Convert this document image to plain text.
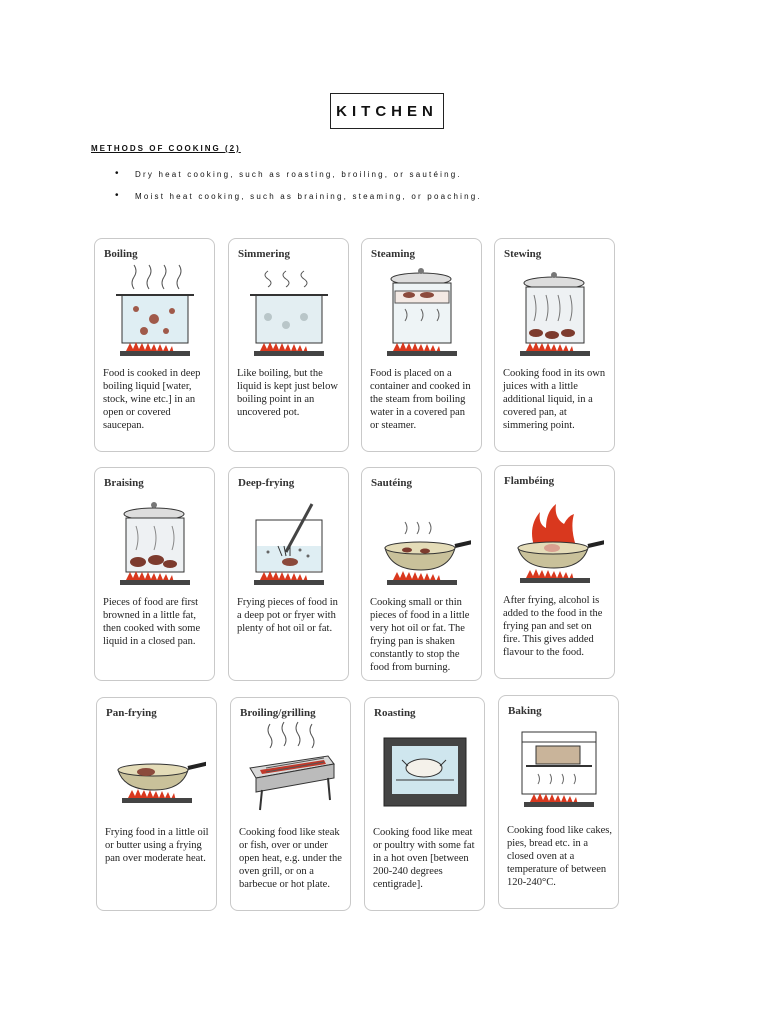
KITCHEN
METHODS OF COOKING (2)
•	Dry heat cooking, such as roasting, broiling, or sautéing.
•	Moist heat cooking, such as braining, steaming, or poaching.
Boiling
Food is cooked in deep boiling liquid [water, stock, wine etc.] in an open or covered saucepan.
Simmering
Like boiling, but the liquid is kept just below boiling point in an uncovered pot.
Steaming
Food is placed on a container and cooked in the steam from boiling water in a covered pan or steamer.
Stewing
Cooking food in its own juices with a little additional liquid, in a covered pan, at simmering point.
Braising
Pieces of food are first browned in a little fat, then cooked with some liquid in a closed pan.
Deep-frying
Frying pieces of food in a deep pot or fryer with plenty of hot oil or fat.
Sautéing
Cooking small or thin pieces of food in a little very hot oil or fat. The frying pan is shaken constantly to stop the food from burning.
Flambéing
After frying, alcohol is added to the food in the frying pan and set on fire. This gives added flavour to the food.
Pan-frying
Frying food in a little oil or butter using a frying pan over moderate heat.
Broiling/grilling
Cooking food like steak or fish, over or under open heat, e.g. under the oven grill, or on a barbecue or hot plate.
Roasting
Cooking food like meat or poultry with some fat in a hot oven [between 200-240 degrees centigrade].
Baking
Cooking food like cakes, pies, bread etc. in a closed oven at a temperature of between 120-240°C.
